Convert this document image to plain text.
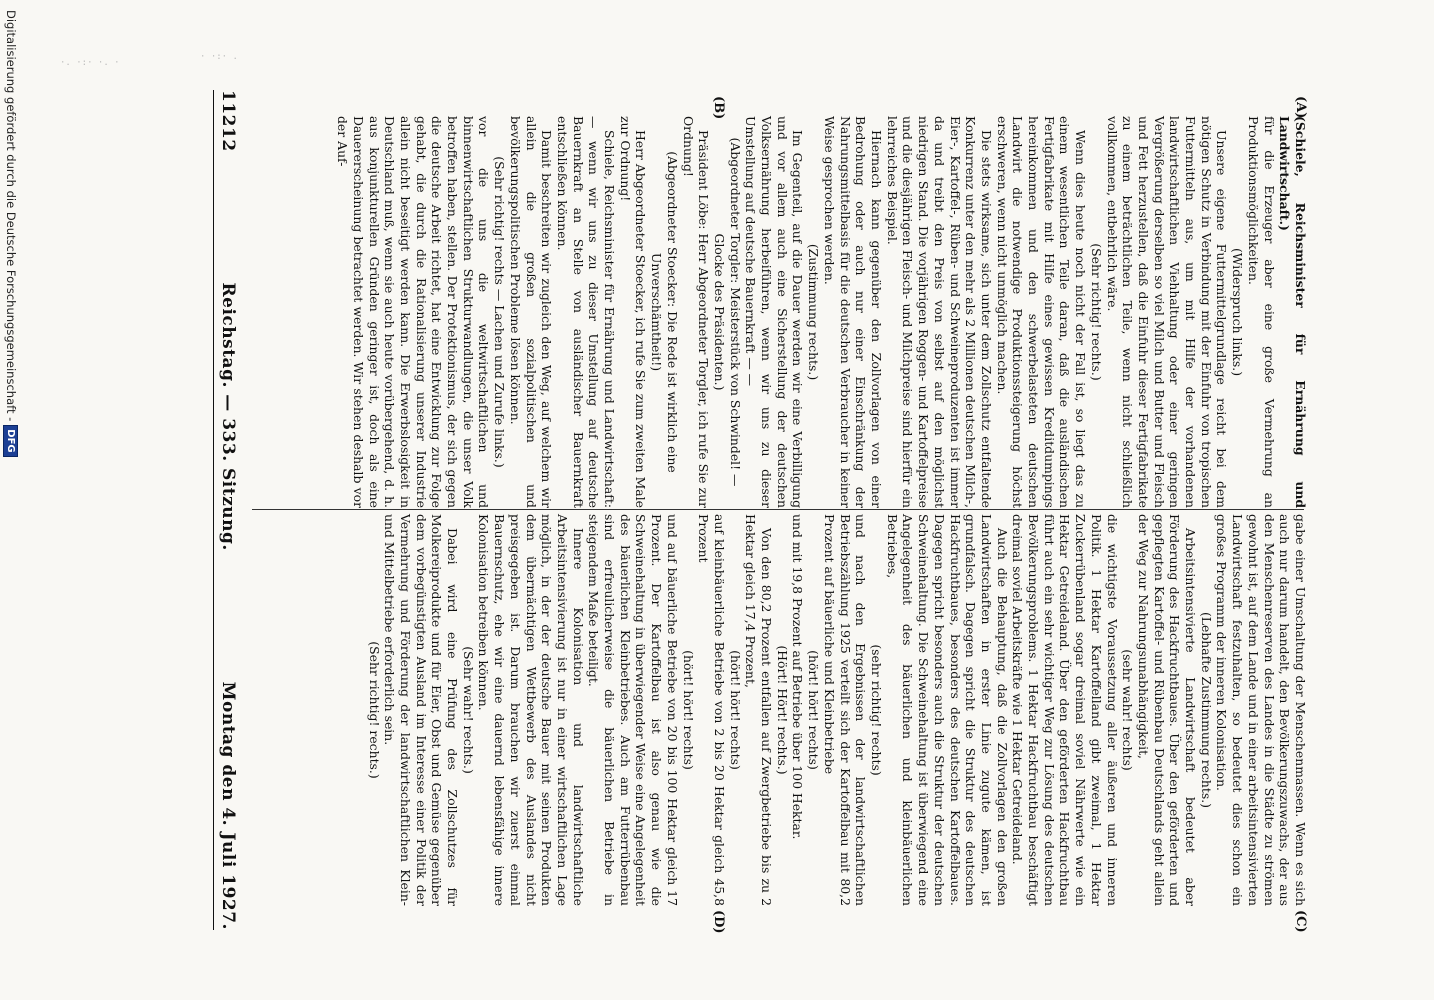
·. ·:· ·. ·
· ·:· .
11212
Reichstag. — 333. Sitzung.
Montag den 4. Juli 1927.
(A)
(B)
(C)
(D)

(Schiele, Reichsminister für Ernährung und Landwirtschaft.)

für die Erzeuger aber eine große Vermehrung an Produktionsmöglichkeiten.

(Widerspruch links.)

Unsere eigene Futtermittelgrundlage reicht bei dem nötigen Schutz in Verbindung mit der Einfuhr von tropischen Futtermitteln aus, um mit Hilfe der vorhandenen landwirtschaftlichen Viehhaltung oder einer geringen Vergrößerung derselben so viel Milch und Butter und Fleisch und Fett herzustellen, daß die Einfuhr dieser Fertigfabrikate zu einem beträchtlichen Teile, wenn nicht schließlich vollkommen, entbehrlich wäre.

(Sehr richtig! rechts.)

Wenn dies heute noch nicht der Fall ist, so liegt das zu einem wesentlichen Teile daran, daß die ausländischen Fertigfabrikate mit Hilfe eines gewissen Kreditdumpings hereinkommen und den schwerbelasteten deutschen Landwirt die notwendige Produktionssteigerung höchst erschweren, wenn nicht unmöglich machen.

Die stets wirksame, sich unter dem Zollschutz entfaltende Konkurrenz unter den mehr als 2 Millionen deutschen Milch-, Eier-, Kartoffel-, Rüben- und Schweineproduzenten ist immer da und treibt den Preis von selbst auf den möglichst niedrigen Stand. Die vorjährigen Roggen- und Kartoffelpreise und die diesjährigen Fleisch- und Milchpreise sind hierfür ein lehrreiches Beispiel.

Hiernach kann gegenüber den Zollvorlagen von einer Bedrohung oder auch nur einer Einschränkung der Nahrungsmittelbasis für die deutschen Verbraucher in keiner Weise gesprochen werden.

(Zustimmung rechts.)

Im Gegenteil, auf die Dauer werden wir eine Verbilligung und vor allem auch eine Sicherstellung der deutschen Volksernährung herbeiführen, wenn wir uns zu dieser Umstellung auf deutsche Bauernkraft — —

(Abgeordneter Torgler: Meisterstück von Schwindel! — Glocke des Präsidenten.)

Präsident Löbe: Herr Abgeordneter Torgler, ich rufe Sie zur Ordnung!

(Abgeordneter Stoecker: Die Rede ist wirklich eine Unverschämtheit!)

Herr Abgeordneter Stoecker, ich rufe Sie zum zweiten Male zur Ordnung!

Schiele, Reichsminister für Ernährung und Landwirtschaft: — wenn wir uns zu dieser Umstellung auf deutsche Bauernkraft an Stelle von ausländischer Bauernkraft entschließen können.

Damit beschreiten wir zugleich den Weg, auf welchem wir allein die großen sozialpolitischen und bevölkerungspolitischen Probleme lösen können.

(Sehr richtig! rechts — Lachen und Zurufe links.)

vor die uns die weltwirtschaftlichen und binnenwirtschaftlichen Strukturwandlungen, die unser Volk betroffen haben, stellen. Der Protektionismus, der sich gegen die deutsche Arbeit richtet, hat eine Entwicklung zur Folge gehabt, die durch die Rationalisierung unserer Industrie allein nicht beseitigt werden kann. Die Erwerbslosigkeit in Deutschland muß, wenn sie auch heute vorübergehend, d. h. aus konjunkturellen Gründen geringer ist, doch als eine Dauererscheinung betrachtet werden. Wir stehen deshalb vor der Auf-

gabe einer Umschaltung der Menschenmassen. Wenn es sich auch nur darum handelt, den Bevölkerungszuwachs, der aus den Menschenreserven des Landes in die Städte zu strömen gewohnt ist, auf dem Lande und in einer arbeitsintensivierten Landwirtschaft festzuhalten, so bedeutet dies schon ein großes Programm der inneren Kolonisation.

(Lebhafte Zustimmung rechts.)

Arbeitsintensivierte Landwirtschaft bedeutet aber Förderung des Hackfruchtbaues. Über den geförderten und gepflegten Kartoffel- und Rübenbau Deutschlands geht allein der Weg zur Nahrungsunabhängigkeit,

(sehr wahr! rechts)

die wichtigste Voraussetzung aller äußeren und inneren Politik. 1 Hektar Kartoffelland gibt zweimal, 1 Hektar Zuckerrübenland sogar dreimal soviel Nährwerte wie ein Hektar Getreideland. Über den geförderten Hackfruchtbau führt auch ein sehr wichtiger Weg zur Lösung des deutschen Bevölkerungsproblems. 1 Hektar Hackfruchtbau beschäftigt dreimal soviel Arbeitskräfte wie 1 Hektar Getreideland.

Auch die Behauptung, daß die Zollvorlagen den großen Landwirtschaften in erster Linie zugute kämen, ist grundfalsch. Dagegen spricht die Struktur des deutschen Hackfruchtbaues, besonders des deutschen Kartoffelbaues. Dagegen spricht besonders auch die Struktur der deutschen Schweinehaltung. Die Schweinehaltung ist überwiegend eine Angelegenheit des bäuerlichen und kleinbäuerlichen Betriebes,

(sehr richtig! rechts)

und nach den Ergebnissen der landwirtschaftlichen Betriebszählung 1925 verteilt sich der Kartoffelbau mit 80,2 Prozent auf bäuerliche und Kleinbetriebe

(hört! hört! rechts)

und mit 19,8 Prozent auf Betriebe über 100 Hektar.

(Hört! Hört! rechts.)

Von den 80,2 Prozent entfallen auf Zwergbetriebe bis zu 2 Hektar gleich 17,4 Prozent,

(hört! hört! rechts)

auf kleinbäuerliche Betriebe von 2 bis 20 Hektar gleich 45,8 Prozent

(hört! hört! rechts)

und auf bäuerliche Betriebe von 20 bis 100 Hektar gleich 17 Prozent. Der Kartoffelbau ist also genau wie die Schweinehaltung in überwiegender Weise eine Angelegenheit des bäuerlichen Kleinbetriebes. Auch am Futterrübenbau sind erfreulicherweise die bäuerlichen Betriebe in steigendem Maße beteiligt.

Innere Kolonisation und landwirtschaftliche Arbeitsintensivierung ist nur in einer wirtschaftlichen Lage möglich, in der der deutsche Bauer mit seinen Produkten dem übermächtigen Wettbewerb des Auslandes nicht preisgegeben ist. Darum brauchen wir zuerst einmal Bauernschutz, ehe wir eine dauernd lebensfähige innere Kolonisation betreiben können.

(Sehr wahr! rechts.)

Dabei wird eine Prüfung des Zollschutzes für Molkereiprodukte und für Eier, Obst und Gemüse gegenüber dem vorbegünstigten Ausland im Interesse einer Politik der Vermehrung und Förderung der landwirtschaftlichen Klein- und Mittelbetriebe erforderlich sein.

(Sehr richtig! rechts.)

Digitalisierung gefördert durch die Deutsche Forschungsgemeinschaft -
DFG
